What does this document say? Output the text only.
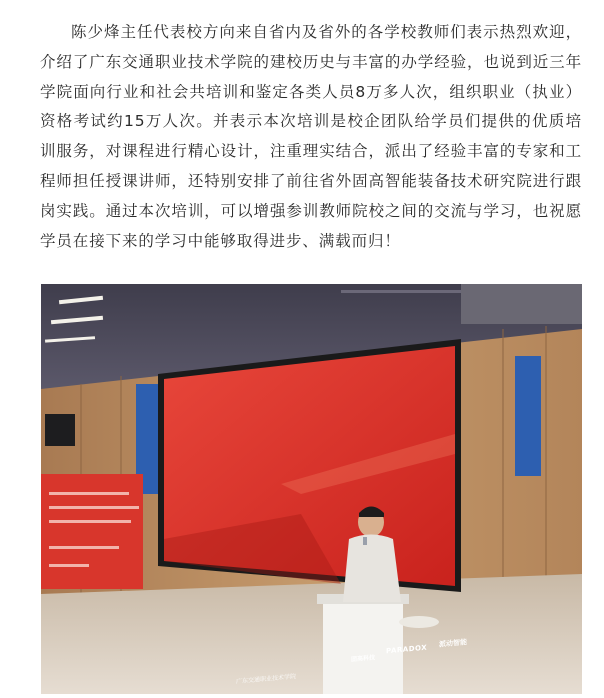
陈少烽主任代表校方向来自省内及省外的各学校教师们表示热烈欢迎，介绍了广东交通职业技术学院的建校历史与丰富的办学经验，也说到近三年学院面向行业和社会共培训和鉴定各类人员8万多人次，组织职业（执业）资格考试约15万人次。并表示本次培训是校企团队给学员们提供的优质培训服务，对课程进行精心设计，注重理实结合，派出了经验丰富的专家和工程师担任授课讲师，还特别安排了前往省外固高智能装备技术研究院进行跟岗实践。通过本次培训，可以增强参训教师院校之间的交流与学习，也祝愿学员在接下来的学习中能够取得进步、满载而归！

广东交通职业技术学院
固高科技
PARADOX
派动智能
